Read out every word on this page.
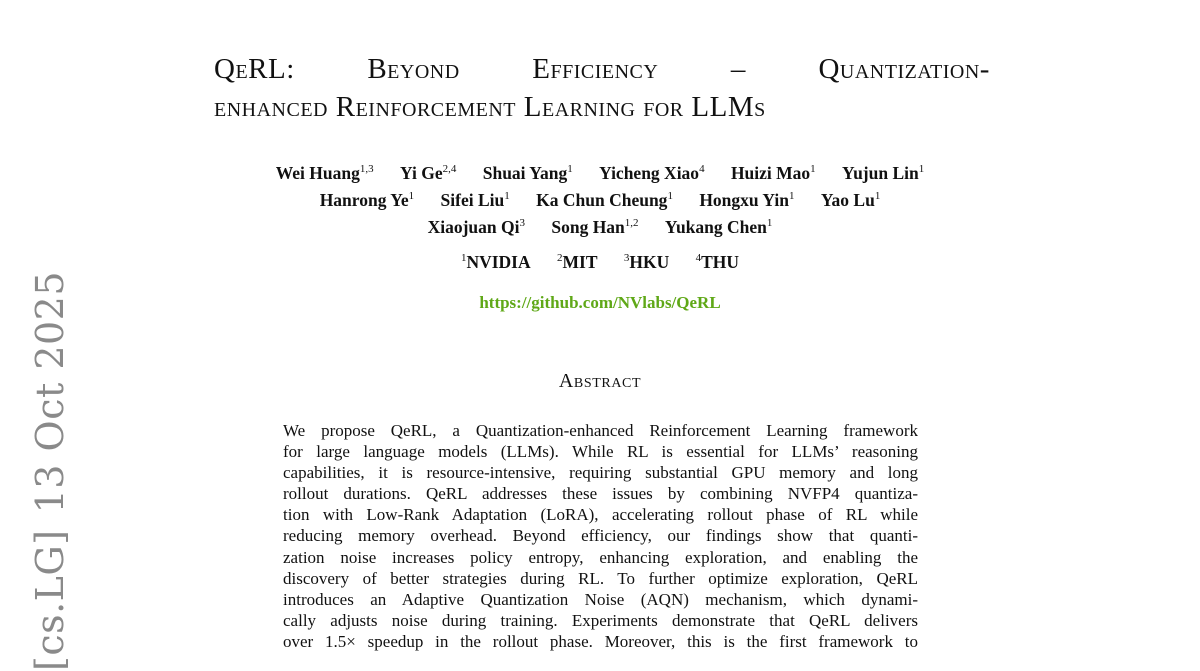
[cs.LG]13 Oct 2025
QeRL:	Beyond	Efficiency	–	Quantization-
enhanced Reinforcement Learning for LLMs
Wei Huang$^{1,3}$ Yi Ge$^{2,4}$ Shuai Yang$^1$ Yicheng Xiao$^4$ Huizi Mao$^1$ Yujun Lin$^1$
Hanrong Ye$^1$ Sifei Liu$^1$ Ka Chun Cheung$^1$ Hongxu Yin$^1$ Yao Lu$^1$
Xiaojuan Qi$^3$ Song Han$^{1,2}$ Yukang Chen$^1$
$^1$NVIDIA $^2$MIT $^3$HKU $^4$THU
https://github.com/NVlabs/QeRL
Abstract
We propose QeRL, a Quantization-enhanced Reinforcement Learning framework
for large language models (LLMs). While RL is essential for LLMs’ reasoning
capabilities, it is resource-intensive, requiring substantial GPU memory and long
rollout durations. QeRL addresses these issues by combining NVFP4 quantiza-
tion with Low-Rank Adaptation (LoRA), accelerating rollout phase of RL while
reducing memory overhead. Beyond efficiency, our findings show that quanti-
zation noise increases policy entropy, enhancing exploration, and enabling the
discovery of better strategies during RL. To further optimize exploration, QeRL
introduces an Adaptive Quantization Noise (AQN) mechanism, which dynami-
cally adjusts noise during training. Experiments demonstrate that QeRL delivers
over 1.5× speedup in the rollout phase. Moreover, this is the first framework to
